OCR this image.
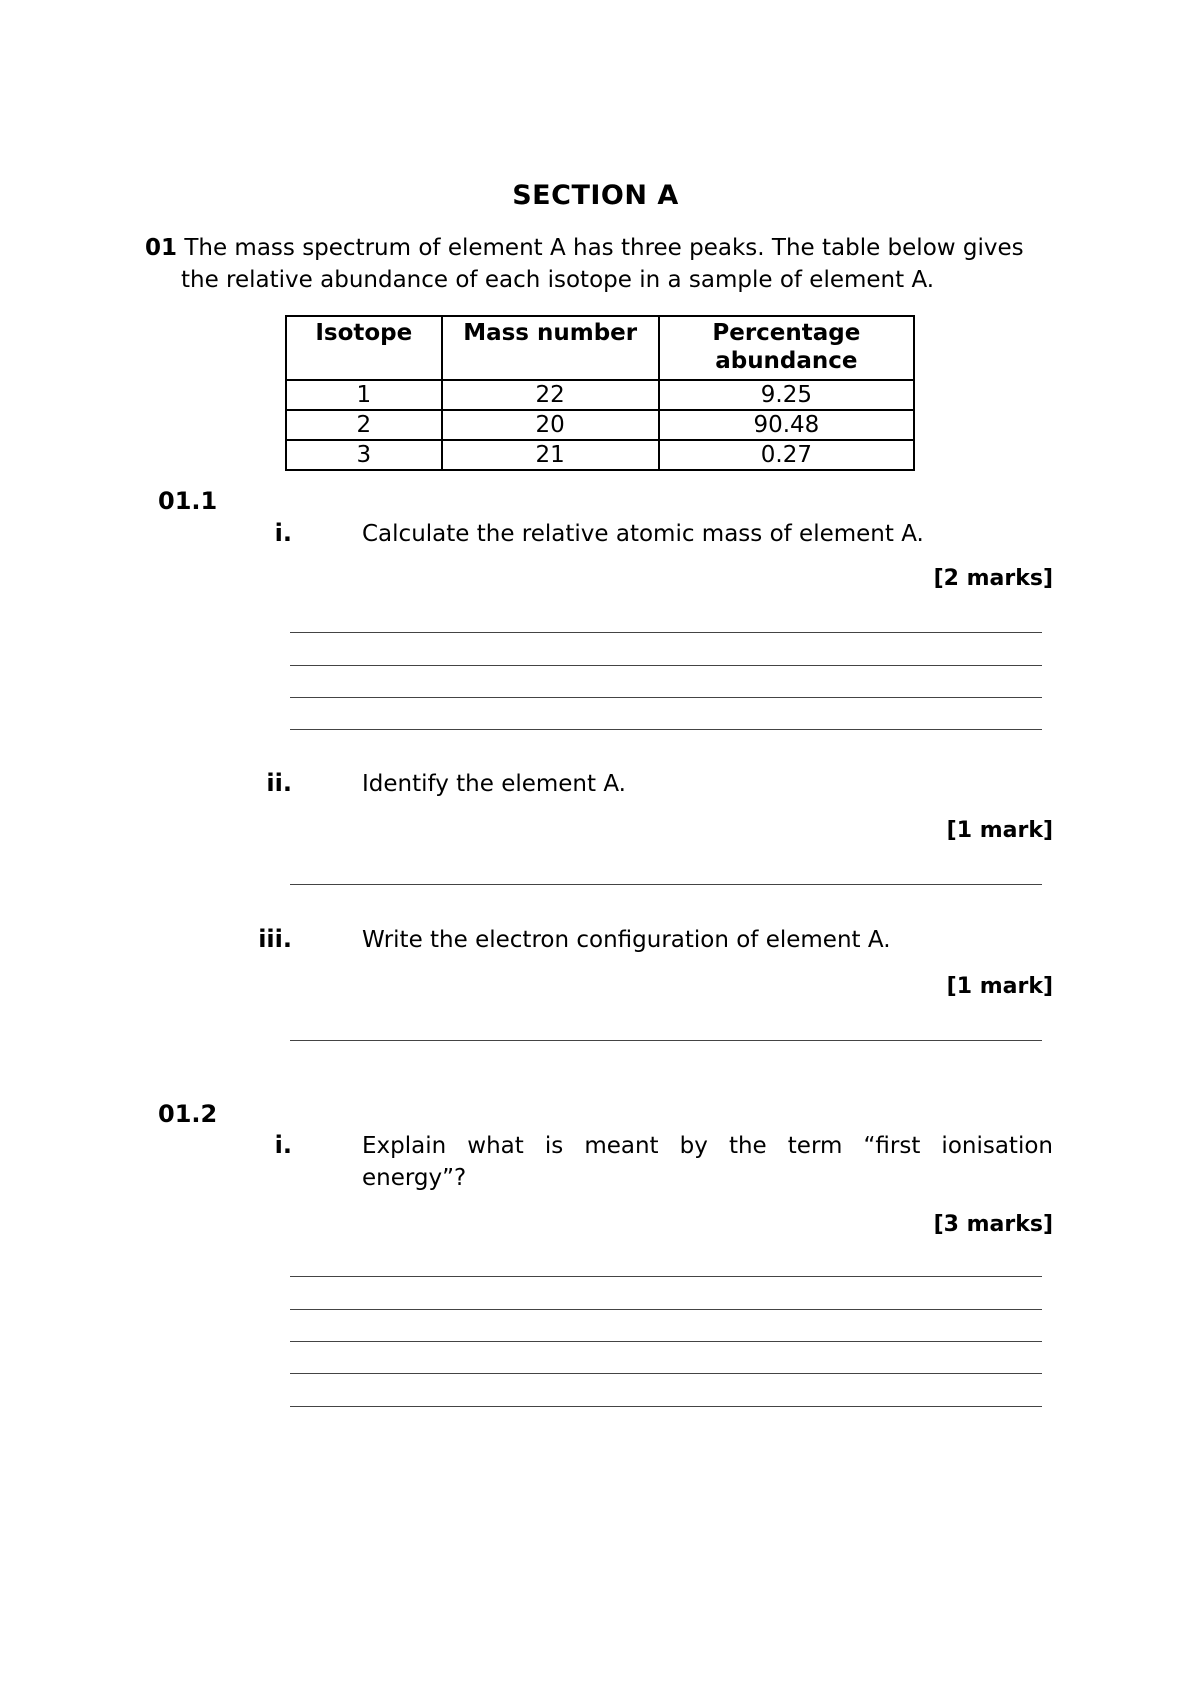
SECTION A
01 The mass spectrum of element A has three peaks. The table below gives
the relative abundance of each isotope in a sample of element A.
Isotope	Mass number	Percentage
abundance

1	22	9.25
2	20	90.48
3	21	0.27
01.1
i.	Calculate the relative atomic mass of element A.
[2 marks]
ii.	Identify the element A.
[1 mark]
iii.	Write the electron configuration of element A.
[1 mark]
01.2
i.	Explain what is meant by the term “first ionisation
energy”?
[3 marks]
